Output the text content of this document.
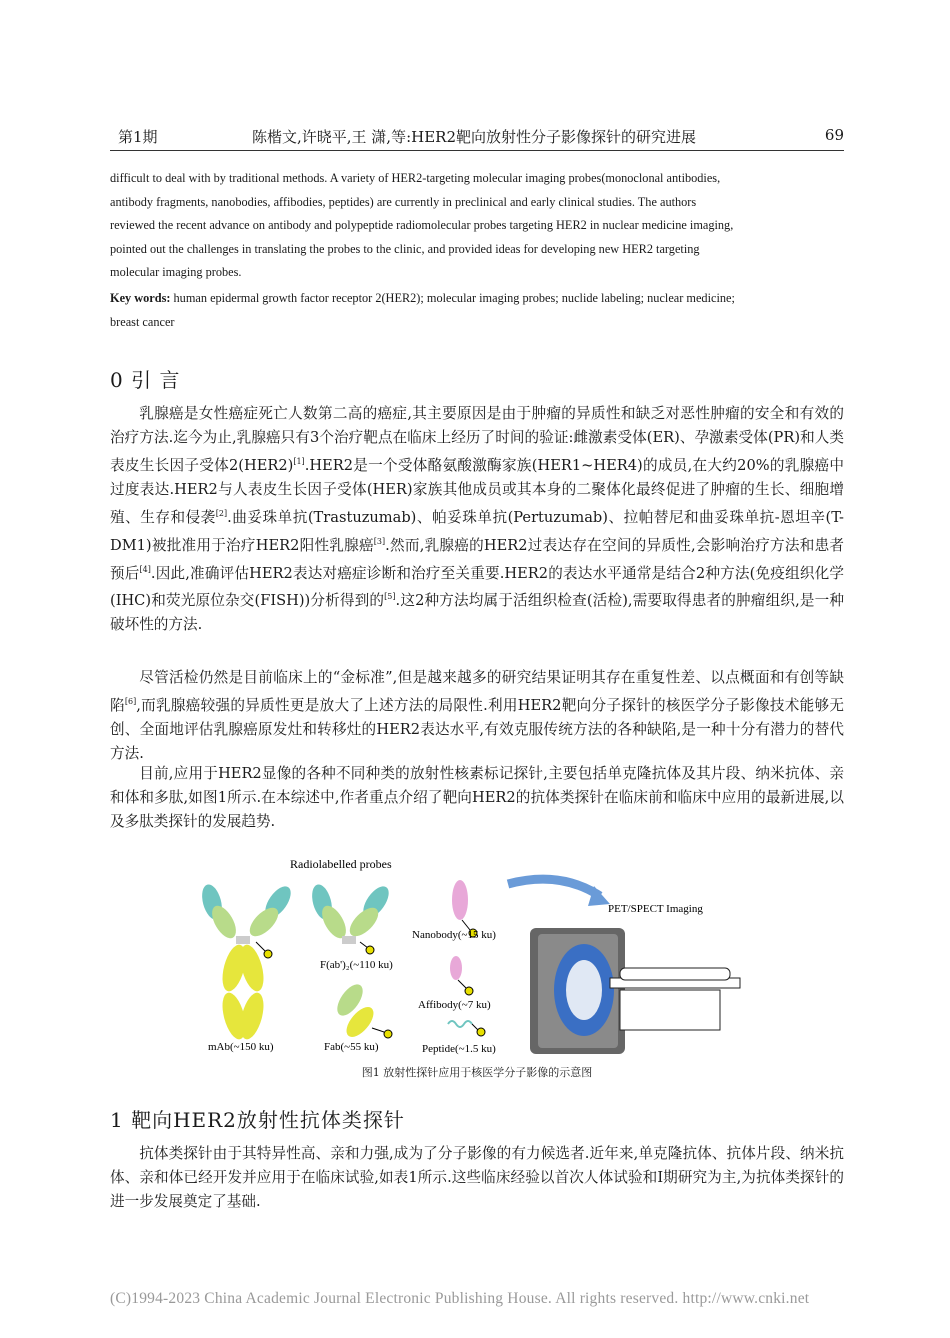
第1期	陈楷文,许晓平,王 潇,等:HER2靶向放射性分子影像探针的研究进展	69
difficult to deal with by traditional methods. A variety of HER2-targeting molecular imaging probes(monoclonal antibodies,
antibody fragments, nanobodies, affibodies, peptides) are currently in preclinical and early clinical studies. The authors
reviewed the recent advance on antibody and polypeptide radiomolecular probes targeting HER2 in nuclear medicine imaging,
pointed out the challenges in translating the probes to the clinic, and provided ideas for developing new HER2 targeting
molecular imaging probes.
Key words: human epidermal growth factor receptor 2(HER2); molecular imaging probes; nuclide labeling; nuclear medicine;
breast cancer
0 引 言
乳腺癌是女性癌症死亡人数第二高的癌症,其主要原因是由于肿瘤的异质性和缺乏对恶性肿瘤的安全和有效的治疗方法.迄今为止,乳腺癌只有3个治疗靶点在临床上经历了时间的验证:雌激素受体(ER)、孕激素受体(PR)和人类表皮生长因子受体2(HER2)[1].HER2是一个受体酪氨酸激酶家族(HER1~HER4)的成员,在大约20%的乳腺癌中过度表达.HER2与人表皮生长因子受体(HER)家族其他成员或其本身的二聚体化最终促进了肿瘤的生长、细胞增殖、生存和侵袭[2].曲妥珠单抗(Trastuzumab)、帕妥珠单抗(Pertuzumab)、拉帕替尼和曲妥珠单抗-恩坦辛(T-DM1)被批准用于治疗HER2阳性乳腺癌[3].然而,乳腺癌的HER2过表达存在空间的异质性,会影响治疗方法和患者预后[4].因此,准确评估HER2表达对癌症诊断和治疗至关重要.HER2的表达水平通常是结合2种方法(免疫组织化学(IHC)和荧光原位杂交(FISH))分析得到的[5].这2种方法均属于活组织检查(活检),需要取得患者的肿瘤组织,是一种破坏性的方法.
尽管活检仍然是目前临床上的“金标准”,但是越来越多的研究结果证明其存在重复性差、以点概面和有创等缺陷[6],而乳腺癌较强的异质性更是放大了上述方法的局限性.利用HER2靶向分子探针的核医学分子影像技术能够无创、全面地评估乳腺癌原发灶和转移灶的HER2表达水平,有效克服传统方法的各种缺陷,是一种十分有潜力的替代方法.
目前,应用于HER2显像的各种不同种类的放射性核素标记探针,主要包括单克隆抗体及其片段、纳米抗体、亲和体和多肽,如图1所示.在本综述中,作者重点介绍了靶向HER2的抗体类探针在临床前和临床中应用的最新进展,以及多肽类探针的发展趋势.
Radiolabelled probes
mAb(~150 ku)
F(ab')₂(~110 ku)
Fab(~55 ku)
Nanobody(~15 ku)
Affibody(~7 ku)
Peptide(~1.5 ku)
PET/SPECT Imaging
图1 放射性探针应用于核医学分子影像的示意图
1 靶向HER2放射性抗体类探针
抗体类探针由于其特异性高、亲和力强,成为了分子影像的有力候选者.近年来,单克隆抗体、抗体片段、纳米抗体、亲和体已经开发并应用于在临床试验,如表1所示.这些临床经验以首次人体试验和I期研究为主,为抗体类探针的进一步发展奠定了基础.
(C)1994-2023 China Academic Journal Electronic Publishing House. All rights reserved. http://www.cnki.net
